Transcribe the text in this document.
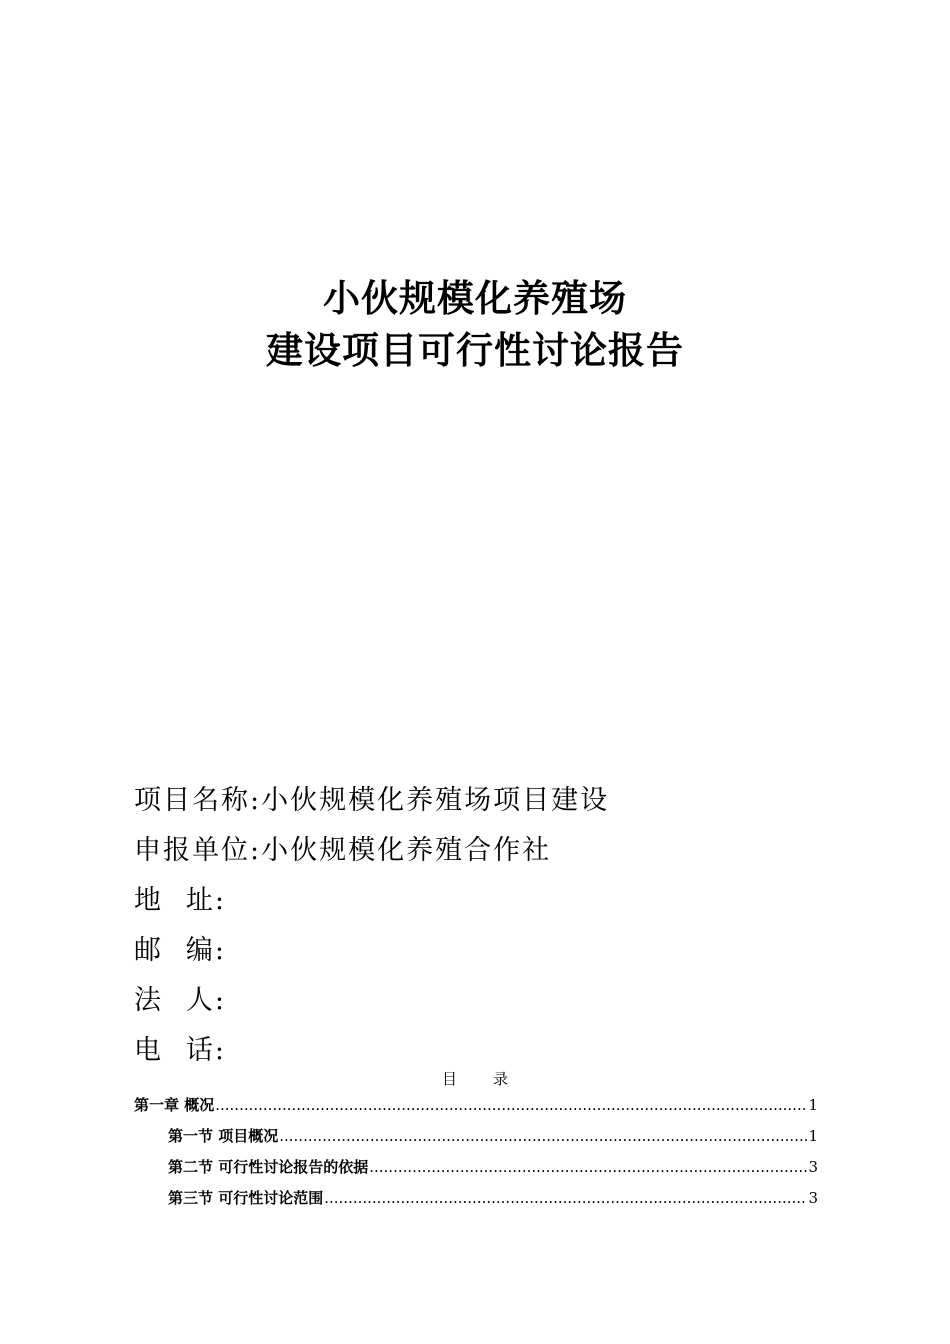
小伙规模化养殖场
建设项目可行性讨论报告
项目名称: 小伙规模化养殖场项目建设
申报单位: 小伙规模化养殖合作社
地 址:
邮 编:
法 人:
电 话:
目录
第一章 概况 .....	1
第一节 项目概况 .....	1
第二节 可行性讨论报告的依据 .....	3
第三节 可行性讨论范围 .....	3
